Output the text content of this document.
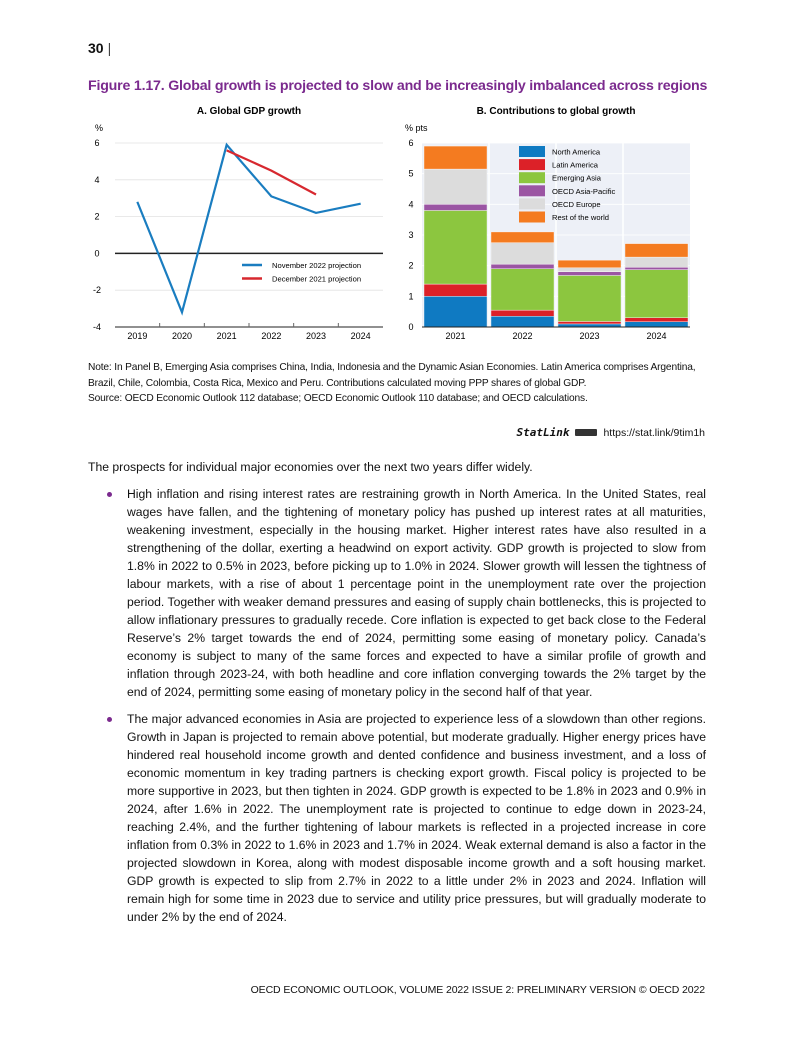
30 |
Figure 1.17. Global growth is projected to slow and be increasingly imbalanced across regions
A. Global GDP growth
%
-4
-2
0
2
4
6
2019	2020	2021	2022	2023	2024
November 2022 projection
December 2021 projection
B. Contributions to global growth
% pts
0
1
2
3
4
5
6
2021	2022	2023	2024
North America
Latin America
Emerging Asia
OECD Asia-Pacific
OECD Europe
Rest of the world
Note: In Panel B, Emerging Asia comprises China, India, Indonesia and the Dynamic Asian Economies. Latin America comprises Argentina, Brazil, Chile, Colombia, Costa Rica, Mexico and Peru. Contributions calculated moving PPP shares of global GDP.
Source: OECD Economic Outlook 112 database; OECD Economic Outlook 110 database; and OECD calculations.
StatLink	https://stat.link/9tim1h

The prospects for individual major economies over the next two years differ widely.

High inflation and rising interest rates are restraining growth in North America. In the United States, real wages have fallen, and the tightening of monetary policy has pushed up interest rates at all maturities, weakening investment, especially in the housing market. Higher interest rates have also resulted in a strengthening of the dollar, exerting a headwind on export activity. GDP growth is projected to slow from 1.8% in 2022 to 0.5% in 2023, before picking up to 1.0% in 2024. Slower growth will lessen the tightness of labour markets, with a rise of about 1 percentage point in the unemployment rate over the projection period. Together with weaker demand pressures and easing of supply chain bottlenecks, this is projected to allow inflationary pressures to gradually recede. Core inflation is expected to get back close to the Federal Reserve’s 2% target towards the end of 2024, permitting some easing of monetary policy. Canada’s economy is subject to many of the same forces and expected to have a similar profile of growth and inflation through 2023-24, with both headline and core inflation converging towards the 2% target by the end of 2024, permitting some easing of monetary policy in the second half of that year.
The major advanced economies in Asia are projected to experience less of a slowdown than other regions. Growth in Japan is projected to remain above potential, but moderate gradually. Higher energy prices have hindered real household income growth and dented confidence and business investment, and a loss of economic momentum in key trading partners is checking export growth. Fiscal policy is projected to be more supportive in 2023, but then tighten in 2024. GDP growth is expected to be 1.8% in 2023 and 0.9% in 2024, after 1.6% in 2022. The unemployment rate is projected to continue to edge down in 2023-24, reaching 2.4%, and the further tightening of labour markets is reflected in a projected increase in core inflation from 0.3% in 2022 to 1.6% in 2023 and 1.7% in 2024. Weak external demand is also a factor in the projected slowdown in Korea, along with modest disposable income growth and a soft housing market. GDP growth is expected to slip from 2.7% in 2022 to a little under 2% in 2023 and 2024. Inflation will remain high for some time in 2023 due to service and utility price pressures, but will gradually moderate to under 2% by the end of 2024.
OECD ECONOMIC OUTLOOK, VOLUME 2022 ISSUE 2: PRELIMINARY VERSION © OECD 2022
